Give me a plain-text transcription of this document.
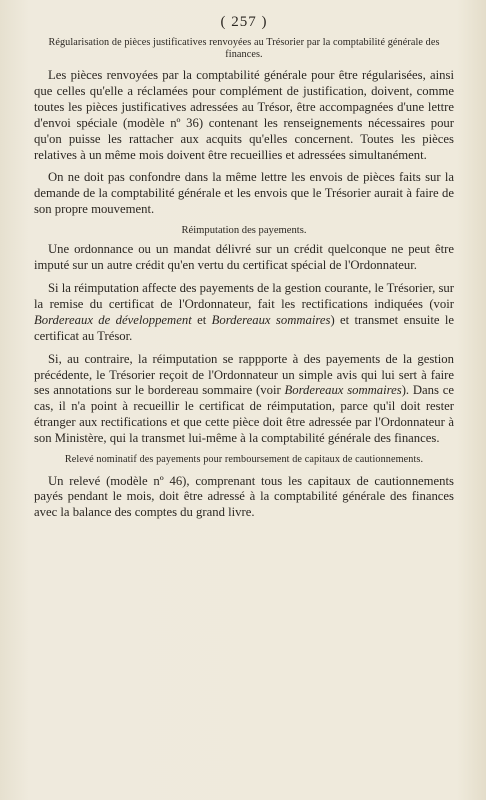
( 257 )
Régularisation de pièces justificatives renvoyées au Trésorier par la comptabilité générale des finances.

Les pièces renvoyées par la comptabilité générale pour être régularisées, ainsi que celles qu'elle a réclamées pour complément de justification, doivent, comme toutes les pièces justificatives adressées au Trésor, être accompagnées d'une lettre d'envoi spéciale (modèle nº 36) contenant les renseignements nécessaires pour qu'on puisse les rattacher aux acquits qu'elles concernent. Toutes les pièces relatives à un même mois doivent être recueillies et adressées simultanément.

On ne doit pas confondre dans la même lettre les envois de pièces faits sur la demande de la comptabilité générale et les envois que le Trésorier aurait à faire de son propre mouvement.

Réimputation des payements.

Une ordonnance ou un mandat délivré sur un crédit quelconque ne peut être imputé sur un autre crédit qu'en vertu du certificat spécial de l'Ordonnateur.

Si la réimputation affecte des payements de la gestion courante, le Trésorier, sur la remise du certificat de l'Ordonnateur, fait les rectifications indiquées (voir Bordereaux de développement et Bordereaux sommaires) et transmet ensuite le certificat au Trésor.

Si, au contraire, la réimputation se rappporte à des payements de la gestion précédente, le Trésorier reçoit de l'Ordonnateur un simple avis qui lui sert à faire ses annotations sur le bordereau sommaire (voir Bordereaux sommaires). Dans ce cas, il n'a point à recueillir le certificat de réimputation, parce qu'il doit rester étranger aux rectifications et que cette pièce doit être adressée par l'Ordonnateur à son Ministère, qui la transmet lui-même à la comptabilité générale des finances.

Relevé nominatif des payements pour remboursement de capitaux de cautionnements.

Un relevé (modèle nº 46), comprenant tous les capitaux de cautionnements payés pendant le mois, doit être adressé à la comptabilité générale des finances avec la balance des comptes du grand livre.
